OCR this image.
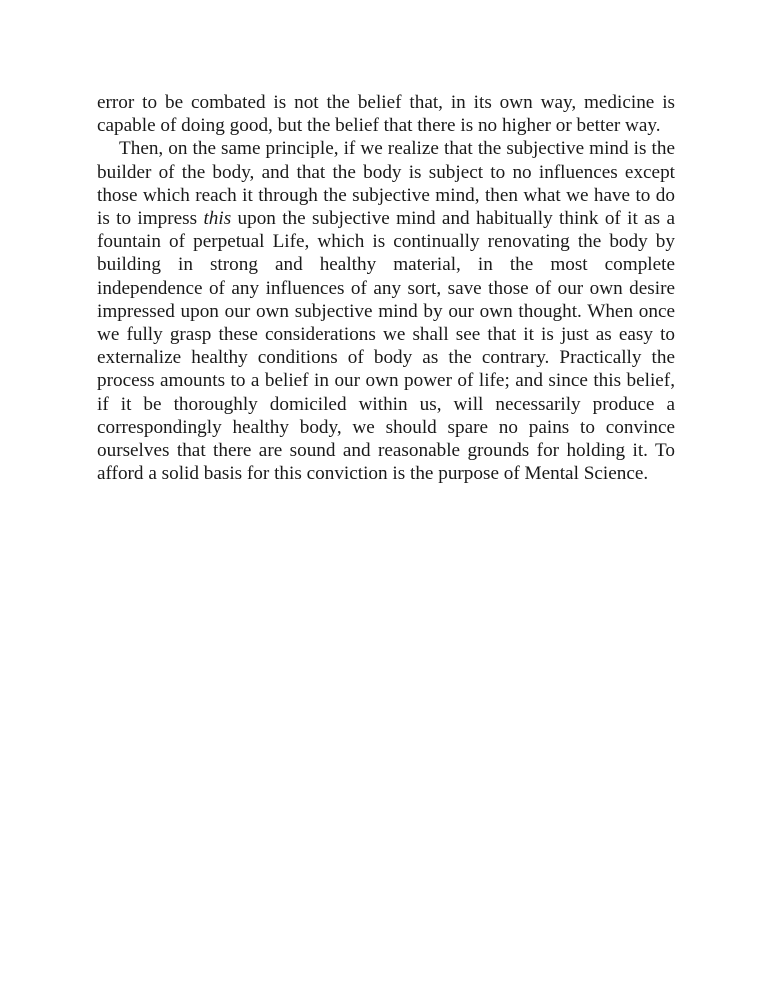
error to be combated is not the belief that, in its own way, medicine is capable of doing good, but the belief that there is no higher or better way.

Then, on the same principle, if we realize that the subjective mind is the builder of the body, and that the body is subject to no influences except those which reach it through the subjective mind, then what we have to do is to impress this upon the subjective mind and habitually think of it as a fountain of perpetual Life, which is continually renovating the body by building in strong and healthy material, in the most complete independence of any influences of any sort, save those of our own desire impressed upon our own subjective mind by our own thought. When once we fully grasp these considerations we shall see that it is just as easy to externalize healthy conditions of body as the contrary. Practically the process amounts to a belief in our own power of life; and since this belief, if it be thoroughly domiciled within us, will necessarily produce a correspondingly healthy body, we should spare no pains to convince ourselves that there are sound and reasonable grounds for holding it. To afford a solid basis for this conviction is the purpose of Mental Science.
